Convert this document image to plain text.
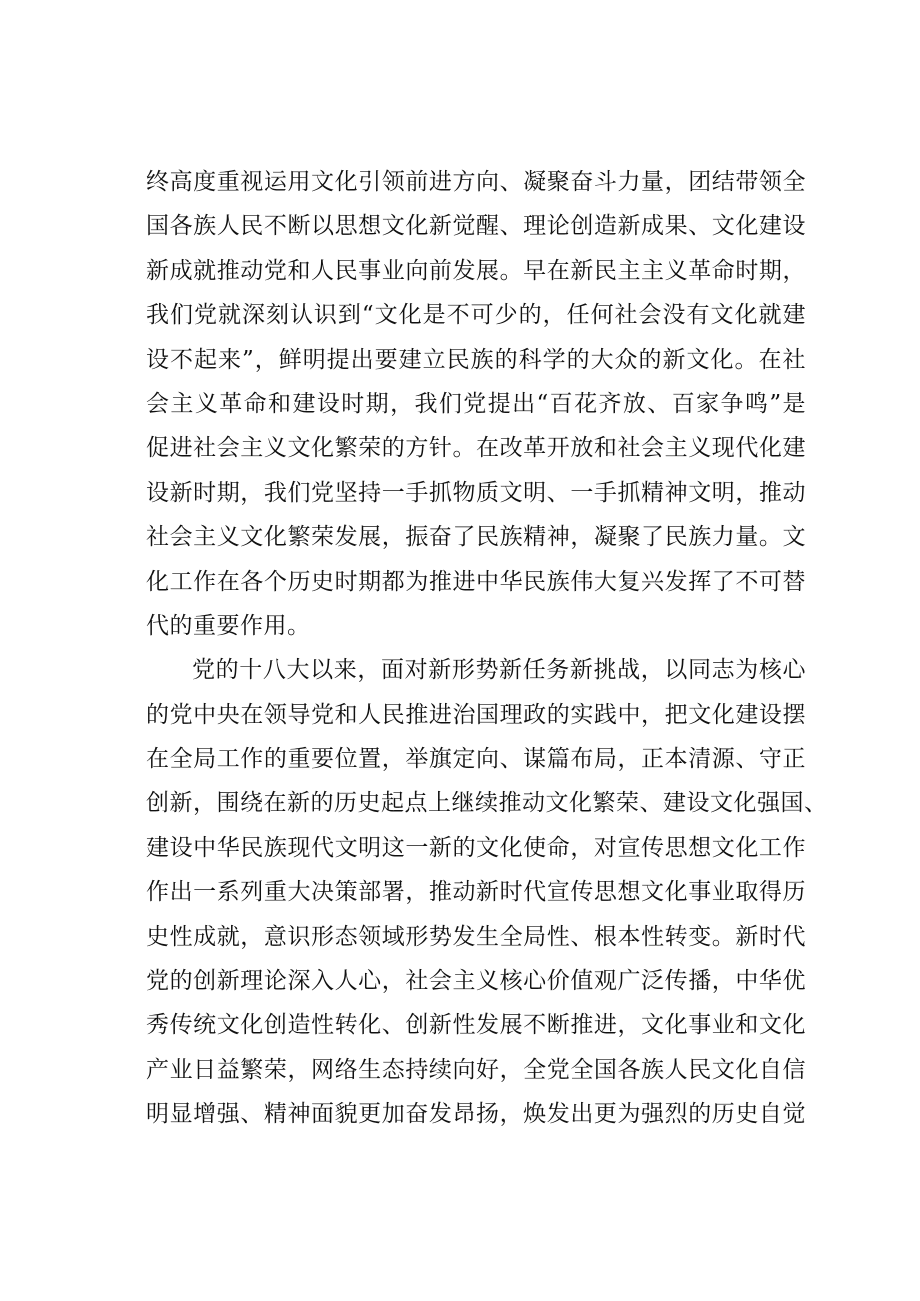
终高度重视运用文化引领前进方向、凝聚奋斗力量，团结带领全
国各族人民不断以思想文化新觉醒、理论创造新成果、文化建设
新成就推动党和人民事业向前发展。早在新民主主义革命时期，
我们党就深刻认识到“文化是不可少的，任何社会没有文化就建
设不起来”，鲜明提出要建立民族的科学的大众的新文化。在社
会主义革命和建设时期，我们党提出“百花齐放、百家争鸣”是
促进社会主义文化繁荣的方针。在改革开放和社会主义现代化建
设新时期，我们党坚持一手抓物质文明、一手抓精神文明，推动
社会主义文化繁荣发展，振奋了民族精神，凝聚了民族力量。文
化工作在各个历史时期都为推进中华民族伟大复兴发挥了不可替
代的重要作用。
党的十八大以来，面对新形势新任务新挑战，以同志为核心
的党中央在领导党和人民推进治国理政的实践中，把文化建设摆
在全局工作的重要位置，举旗定向、谋篇布局，正本清源、守正
创新，围绕在新的历史起点上继续推动文化繁荣、建设文化强国、
建设中华民族现代文明这一新的文化使命，对宣传思想文化工作
作出一系列重大决策部署，推动新时代宣传思想文化事业取得历
史性成就，意识形态领域形势发生全局性、根本性转变。新时代
党的创新理论深入人心，社会主义核心价值观广泛传播，中华优
秀传统文化创造性转化、创新性发展不断推进，文化事业和文化
产业日益繁荣，网络生态持续向好，全党全国各族人民文化自信
明显增强、精神面貌更加奋发昂扬，焕发出更为强烈的历史自觉
